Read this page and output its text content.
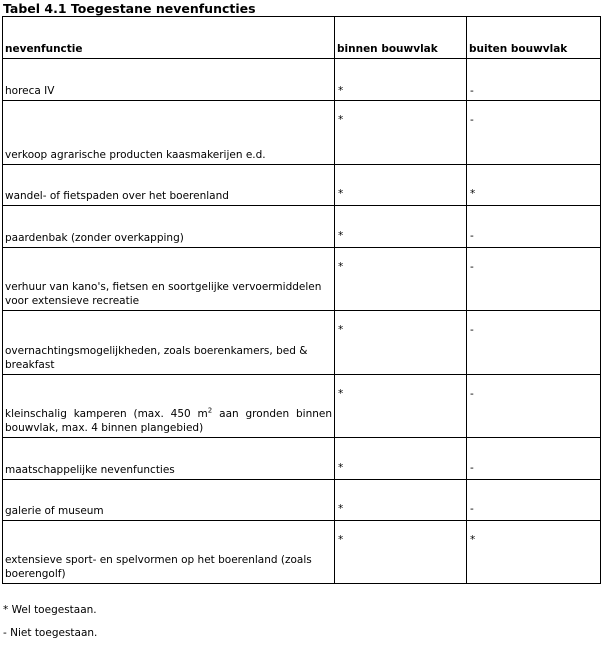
Tabel 4.1 Toegestane nevenfuncties
nevenfunctie	binnen bouwvlak	buiten bouwvlak
horeca IV	*	-

verkoop agrarische producten kaasmakerijen e.d.	*	-

wandel- of fietspaden over het boerenland	*	*

paardenbak (zonder overkapping)	*	-

verhuur van kano's, fietsen en soortgelijke vervoermiddelen voor extensieve recreatie	*	-

overnachtingsmogelijkheden, zoals boerenkamers, bed & breakfast	*	-

kleinschalig kamperen (max. 450 $m^2$ aan gronden binnen bouwvlak, max. 4 binnen plangebied)	*	-

maatschappelijke nevenfuncties	*	-

galerie of museum	*	-

extensieve sport- en spelvormen op het boerenland (zoals boerengolf)	*	*
* Wel toegestaan.
- Niet toegestaan.
